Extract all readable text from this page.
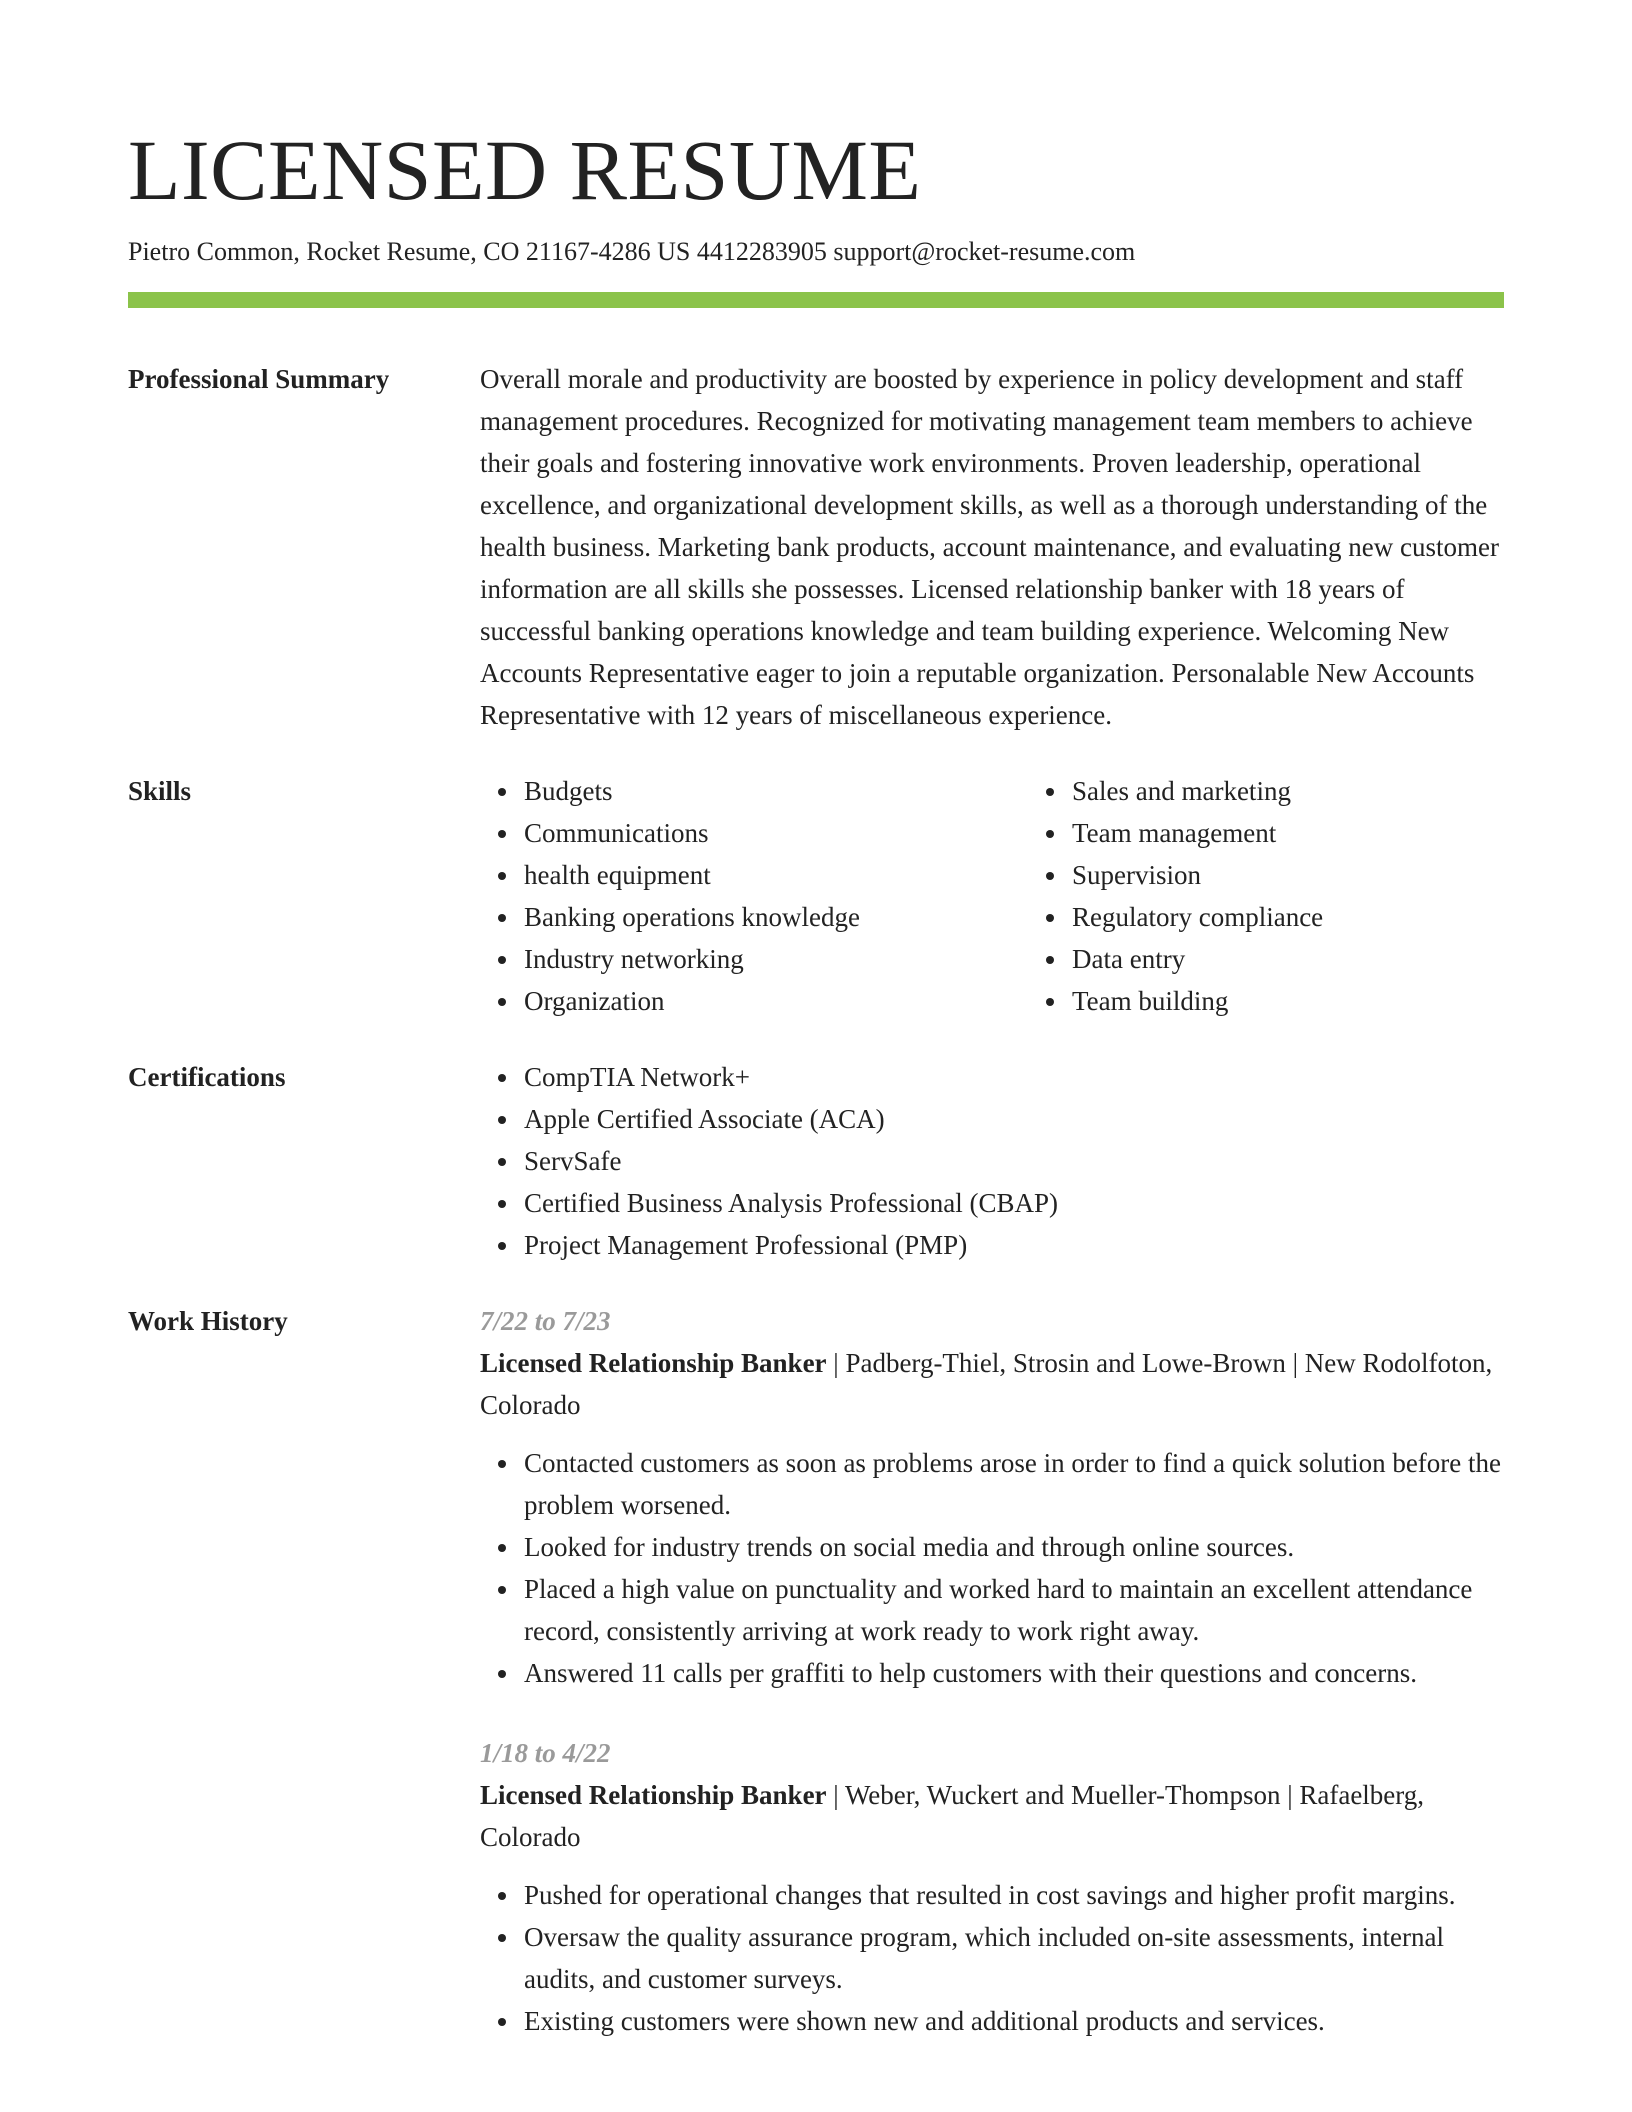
LICENSED RESUME
Pietro Common, Rocket Resume, CO 21167-4286 US 4412283905 support@rocket-resume.com
Professional Summary	Overall morale and productivity are boosted by experience in policy development and staff management procedures. Recognized for motivating management team members to achieve their goals and fostering innovative work environments. Proven leadership, operational excellence, and organizational development skills, as well as a thorough understanding of the health business. Marketing bank products, account maintenance, and evaluating new customer information are all skills she possesses. Licensed relationship banker with 18 years of successful banking operations knowledge and team building experience. Welcoming New Accounts Representative eager to join a reputable organization. Personalable New Accounts Representative with 12 years of miscellaneous experience.

Skills	Budgets
Communications
health equipment
Banking operations knowledge
Industry networking
Organization
Sales and marketing
Team management
Supervision
Regulatory compliance
Data entry
Team building
Certifications	CompTIA Network+
Apple Certified Associate (ACA)
ServSafe
Certified Business Analysis Professional (CBAP)
Project Management Professional (PMP)
Work History	7/22 to 7/23

Licensed Relationship Banker | Padberg-Thiel, Strosin and Lowe-Brown | New Rodolfoton, Colorado

Contacted customers as soon as problems arose in order to find a quick solution before the problem worsened.
Looked for industry trends on social media and through online sources.
Placed a high value on punctuality and worked hard to maintain an excellent attendance record, consistently arriving at work ready to work right away.
Answered 11 calls per graffiti to help customers with their questions and concerns.
1/18 to 4/22

Licensed Relationship Banker | Weber, Wuckert and Mueller-Thompson | Rafaelberg, Colorado

Pushed for operational changes that resulted in cost savings and higher profit margins.
Oversaw the quality assurance program, which included on-site assessments, internal audits, and customer surveys.
Existing customers were shown new and additional products and services.
